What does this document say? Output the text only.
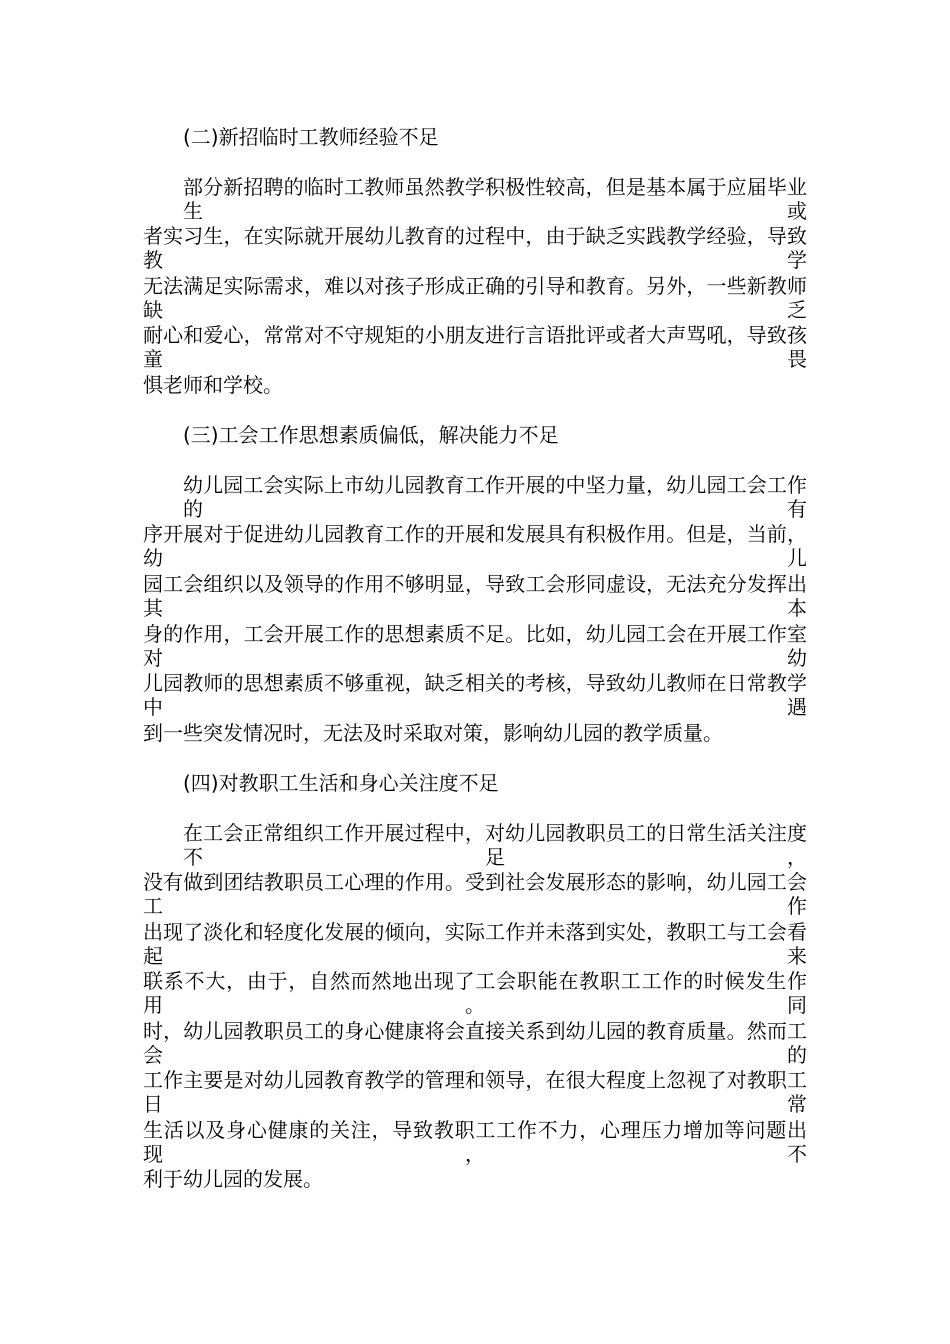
(二)新招临时工教师经验不足
部分新招聘的临时工教师虽然教学积极性较高，但是基本属于应届毕业生或
者实习生，在实际就开展幼儿教育的过程中，由于缺乏实践教学经验，导致教学
无法满足实际需求，难以对孩子形成正确的引导和教育。另外，一些新教师缺乏
耐心和爱心，常常对不守规矩的小朋友进行言语批评或者大声骂吼，导致孩童畏
惧老师和学校。
(三)工会工作思想素质偏低，解决能力不足
幼儿园工会实际上市幼儿园教育工作开展的中坚力量，幼儿园工会工作的有
序开展对于促进幼儿园教育工作的开展和发展具有积极作用。但是，当前，幼儿
园工会组织以及领导的作用不够明显，导致工会形同虚设，无法充分发挥出其本
身的作用，工会开展工作的思想素质不足。比如，幼儿园工会在开展工作室对幼
儿园教师的思想素质不够重视，缺乏相关的考核，导致幼儿教师在日常教学中遇
到一些突发情况时，无法及时采取对策，影响幼儿园的教学质量。
(四)对教职工生活和身心关注度不足
在工会正常组织工作开展过程中，对幼儿园教职员工的日常生活关注度不足，
没有做到团结教职员工心理的作用。受到社会发展形态的影响，幼儿园工会工作
出现了淡化和轻度化发展的倾向，实际工作并未落到实处，教职工与工会看起来
联系不大，由于，自然而然地出现了工会职能在教职工工作的时候发生作用。同
时，幼儿园教职员工的身心健康将会直接关系到幼儿园的教育质量。然而工会的
工作主要是对幼儿园教育教学的管理和领导，在很大程度上忽视了对教职工日常
生活以及身心健康的关注，导致教职工工作不力，心理压力增加等问题出现，不
利于幼儿园的发展。
